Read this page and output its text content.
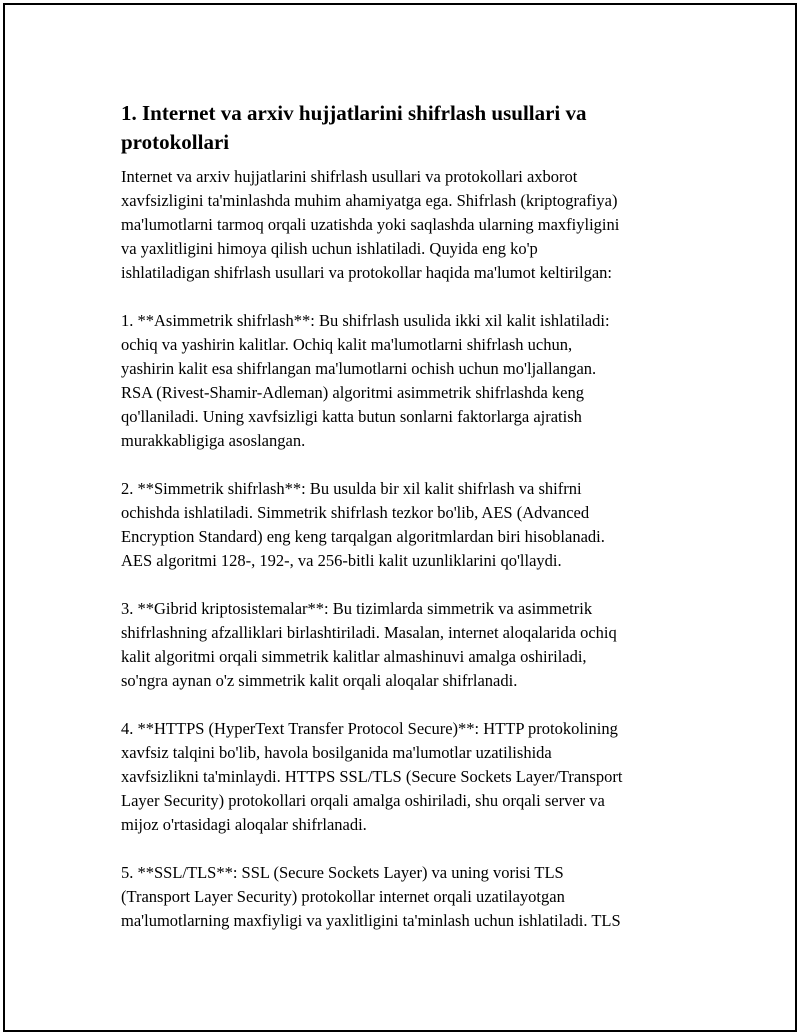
1. Internet va arxiv hujjatlarini shifrlash usullari va
protokollari

Internet va arxiv hujjatlarini shifrlash usullari va protokollari axborot
xavfsizligini ta'minlashda muhim ahamiyatga ega. Shifrlash (kriptografiya)
ma'lumotlarni tarmoq orqali uzatishda yoki saqlashda ularning maxfiyligini
va yaxlitligini himoya qilish uchun ishlatiladi. Quyida eng ko'p
ishlatiladigan shifrlash usullari va protokollar haqida ma'lumot keltirilgan:

1. **Asimmetrik shifrlash**: Bu shifrlash usulida ikki xil kalit ishlatiladi:
ochiq va yashirin kalitlar. Ochiq kalit ma'lumotlarni shifrlash uchun,
yashirin kalit esa shifrlangan ma'lumotlarni ochish uchun mo'ljallangan.
RSA (Rivest-Shamir-Adleman) algoritmi asimmetrik shifrlashda keng
qo'llaniladi. Uning xavfsizligi katta butun sonlarni faktorlarga ajratish
murakkabligiga asoslangan.

2. **Simmetrik shifrlash**: Bu usulda bir xil kalit shifrlash va shifrni
ochishda ishlatiladi. Simmetrik shifrlash tezkor bo'lib, AES (Advanced
Encryption Standard) eng keng tarqalgan algoritmlardan biri hisoblanadi.
AES algoritmi 128-, 192-, va 256-bitli kalit uzunliklarini qo'llaydi.

3. **Gibrid kriptosistemalar**: Bu tizimlarda simmetrik va asimmetrik
shifrlashning afzalliklari birlashtiriladi. Masalan, internet aloqalarida ochiq
kalit algoritmi orqali simmetrik kalitlar almashinuvi amalga oshiriladi,
so'ngra aynan o'z simmetrik kalit orqali aloqalar shifrlanadi.

4. **HTTPS (HyperText Transfer Protocol Secure)**: HTTP protokolining
xavfsiz talqini bo'lib, havola bosilganida ma'lumotlar uzatilishida
xavfsizlikni ta'minlaydi. HTTPS SSL/TLS (Secure Sockets Layer/Transport
Layer Security) protokollari orqali amalga oshiriladi, shu orqali server va
mijoz o'rtasidagi aloqalar shifrlanadi.

5. **SSL/TLS**: SSL (Secure Sockets Layer) va uning vorisi TLS
(Transport Layer Security) protokollar internet orqali uzatilayotgan
ma'lumotlarning maxfiyligi va yaxlitligini ta'minlash uchun ishlatiladi. TLS
